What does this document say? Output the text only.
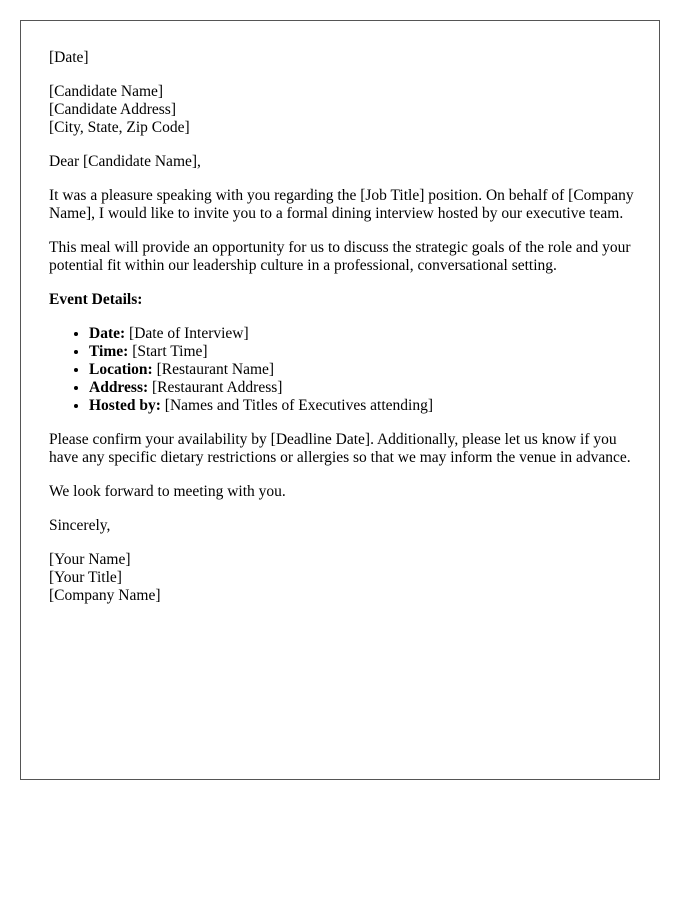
[Date]

[Candidate Name]
[Candidate Address]
[City, State, Zip Code]

Dear [Candidate Name],

It was a pleasure speaking with you regarding the [Job Title] position. On behalf of [Company Name], I would like to invite you to a formal dining interview hosted by our executive team.

This meal will provide an opportunity for us to discuss the strategic goals of the role and your potential fit within our leadership culture in a professional, conversational setting.

Event Details:

• Date: [Date of Interview]
• Time: [Start Time]
• Location: [Restaurant Name]
• Address: [Restaurant Address]
• Hosted by: [Names and Titles of Executives attending]

Please confirm your availability by [Deadline Date]. Additionally, please let us know if you have any specific dietary restrictions or allergies so that we may inform the venue in advance.

We look forward to meeting with you.

Sincerely,

[Your Name]
[Your Title]
[Company Name]
